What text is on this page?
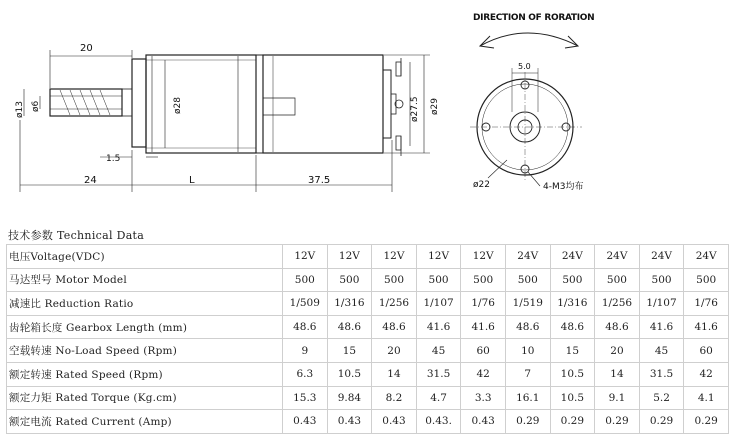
20
ø13 ø6	ø28
1.5
24	L	37.5
ø27.5 ø29
DIRECTION OF RORATION
5.0
ø22	4-M3均布
技术参数 Technical Data
电压Voltage(VDC)	12V	12V	12V	12V	12V	24V	24V	24V	24V	24V
马达型号 Motor Model	500	500	500	500	500	500	500	500	500	500
减速比 Reduction Ratio	1/509	1/316	1/256	1/107	1/76	1/519	1/316	1/256	1/107	1/76
齿轮箱长度 Gearbox Length (mm)	48.6	48.6	48.6	41.6	41.6	48.6	48.6	48.6	41.6	41.6
空载转速 No-Load Speed (Rpm)	9	15	20	45	60	10	15	20	45	60
额定转速 Rated Speed (Rpm)	6.3	10.5	14	31.5	42	7	10.5	14	31.5	42
额定力矩 Rated Torque (Kg.cm)	15.3	9.84	8.2	4.7	3.3	16.1	10.5	9.1	5.2	4.1
额定电流 Rated Current (Amp)	0.43	0.43	0.43	0.43.	0.43	0.29	0.29	0.29	0.29	0.29
